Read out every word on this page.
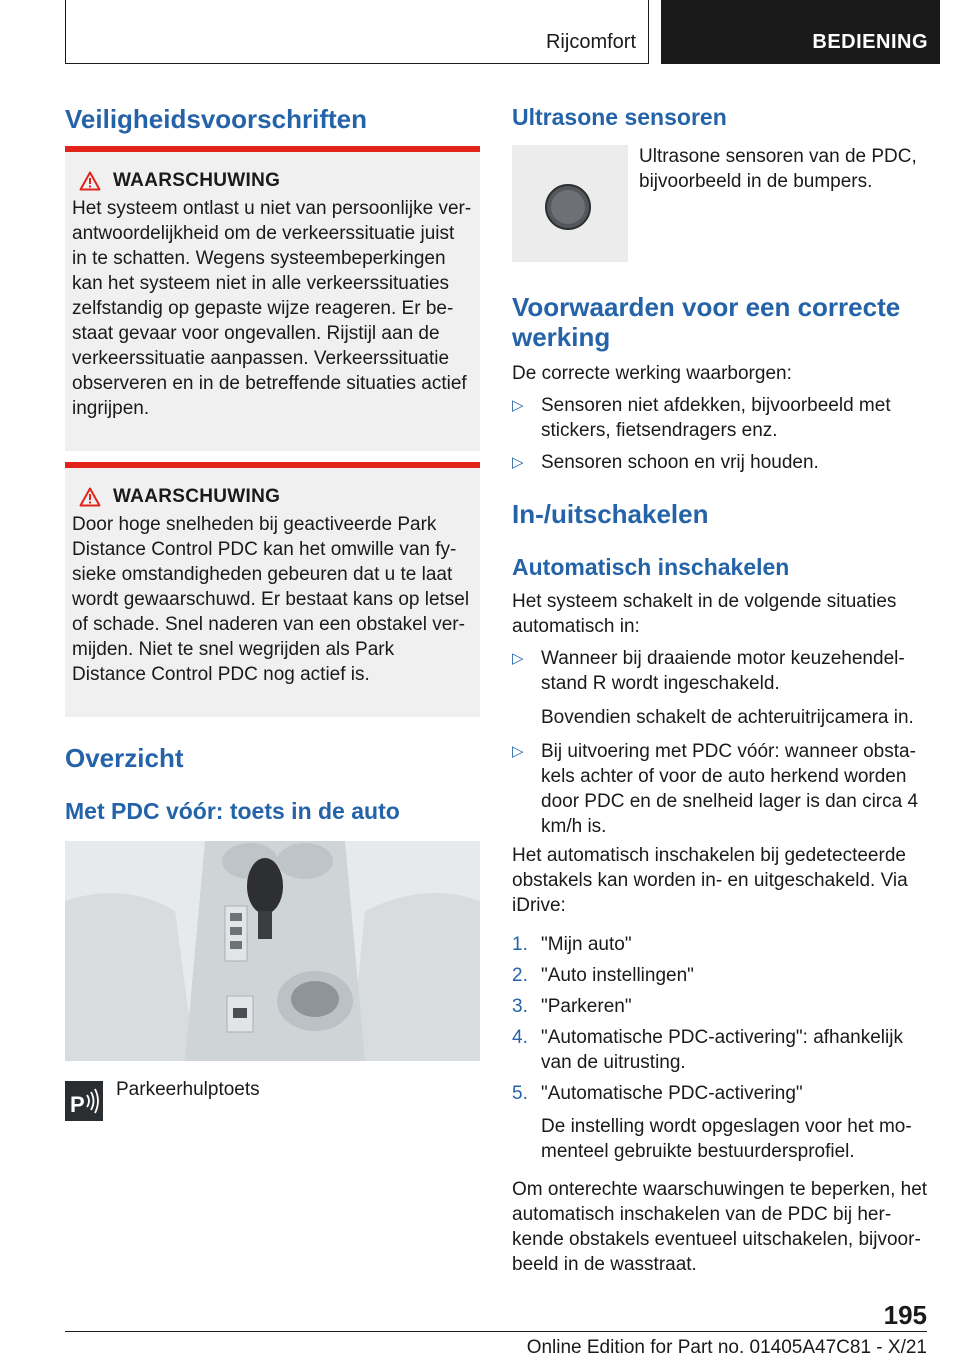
Rijcomfort	BEDIENING
Veiligheidsvoorschriften
WAARSCHUWING
Het systeem ontlast u niet van persoonlijke verantwoordelijkheid om de verkeerssituatie juist in te schatten. Wegens systeembeperkingen kan het systeem niet in alle verkeerssituaties zelfstandig op gepaste wijze reageren. Er bestaat gevaar voor ongevallen. Rijstijl aan de verkeerssituatie aanpassen. Verkeerssituatie observeren en in de betreffende situaties actief ingrijpen.
WAARSCHUWING
Door hoge snelheden bij geactiveerde Park Distance Control PDC kan het omwille van fysieke omstandigheden gebeuren dat u te laat wordt gewaarschuwd. Er bestaat kans op letsel of schade. Snel naderen van een obstakel vermijden. Niet te snel wegrijden als Park Distance Control PDC nog actief is.
Overzicht
Met PDC vóór: toets in de auto
P
Parkeerhulptoets
Ultrasone sensoren

Ultrasone sensoren van de PDC, bijvoorbeeld in de bumpers.

Voorwaarden voor een correcte werking

De correcte werking waarborgen:

▷ Sensoren niet afdekken, bijvoorbeeld met stickers, fietsendragers enz.
▷ Sensoren schoon en vrij houden.
In-/uitschakelen
Automatisch inschakelen

Het systeem schakelt in de volgende situaties automatisch in:

▷ Wanneer bij draaiende motor keuzehendelstand R wordt ingeschakeld.
Bovendien schakelt de achteruitrijcamera in.
▷ Bij uitvoering met PDC vóór: wanneer obstakels achter of voor de auto herkend worden door PDC en de snelheid lager is dan circa 4 km/h is.

Het automatisch inschakelen bij gedetecteerde obstakels kan worden in- en uitgeschakeld. Via iDrive:

1. "Mijn auto"
2. "Auto instellingen"
3. "Parkeren"
4. "Automatische PDC-activering": afhankelijk van de uitrusting.
5. "Automatische PDC-activering"
De instelling wordt opgeslagen voor het momenteel gebruikte bestuurdersprofiel.

Om onterechte waarschuwingen te beperken, het automatisch inschakelen van de PDC bij herkende obstakels eventueel uitschakelen, bijvoorbeeld in de wasstraat.

195
Online Edition for Part no. 01405A47C81 - X/21
